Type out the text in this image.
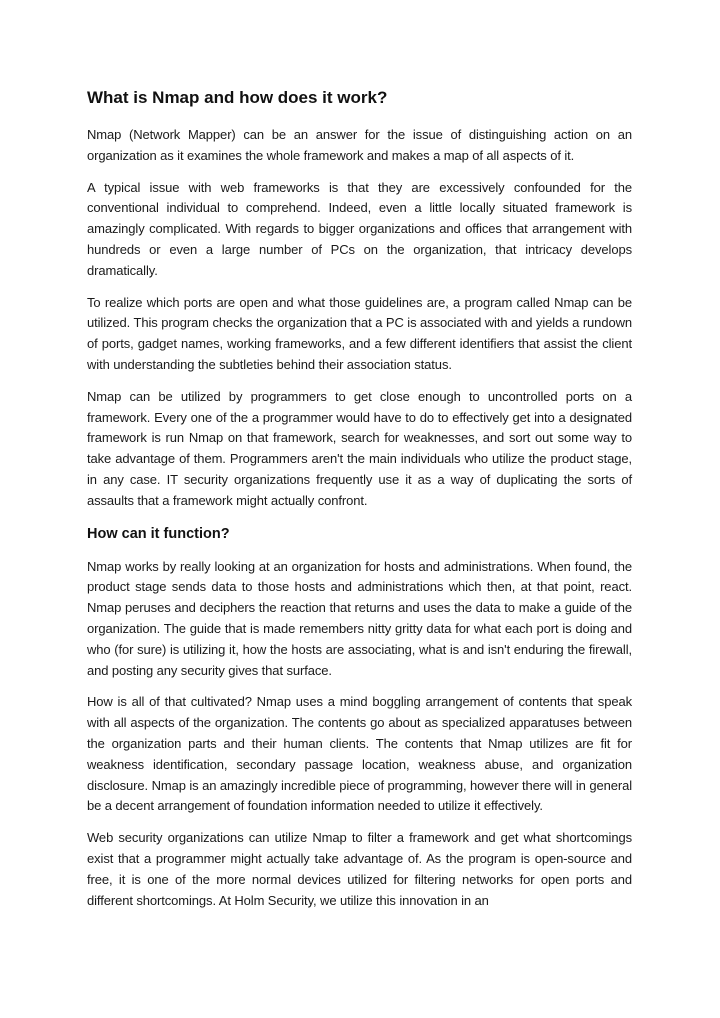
What is Nmap and how does it work?

Nmap (Network Mapper) can be an answer for the issue of distinguishing action on an organization as it examines the whole framework and makes a map of all aspects of it.

A typical issue with web frameworks is that they are excessively confounded for the conventional individual to comprehend. Indeed, even a little locally situated framework is amazingly complicated. With regards to bigger organizations and offices that arrangement with hundreds or even a large number of PCs on the organization, that intricacy develops dramatically.

To realize which ports are open and what those guidelines are, a program called Nmap can be utilized. This program checks the organization that a PC is associated with and yields a rundown of ports, gadget names, working frameworks, and a few different identifiers that assist the client with understanding the subtleties behind their association status.

Nmap can be utilized by programmers to get close enough to uncontrolled ports on a framework. Every one of the a programmer would have to do to effectively get into a designated framework is run Nmap on that framework, search for weaknesses, and sort out some way to take advantage of them. Programmers aren't the main individuals who utilize the product stage, in any case. IT security organizations frequently use it as a way of duplicating the sorts of assaults that a framework might actually confront.

How can it function?

Nmap works by really looking at an organization for hosts and administrations. When found, the product stage sends data to those hosts and administrations which then, at that point, react. Nmap peruses and deciphers the reaction that returns and uses the data to make a guide of the organization. The guide that is made remembers nitty gritty data for what each port is doing and who (for sure) is utilizing it, how the hosts are associating, what is and isn't enduring the firewall, and posting any security gives that surface.

How is all of that cultivated? Nmap uses a mind boggling arrangement of contents that speak with all aspects of the organization. The contents go about as specialized apparatuses between the organization parts and their human clients. The contents that Nmap utilizes are fit for weakness identification, secondary passage location, weakness abuse, and organization disclosure. Nmap is an amazingly incredible piece of programming, however there will in general be a decent arrangement of foundation information needed to utilize it effectively.

Web security organizations can utilize Nmap to filter a framework and get what shortcomings exist that a programmer might actually take advantage of. As the program is open-source and free, it is one of the more normal devices utilized for filtering networks for open ports and different shortcomings. At Holm Security, we utilize this innovation in an
